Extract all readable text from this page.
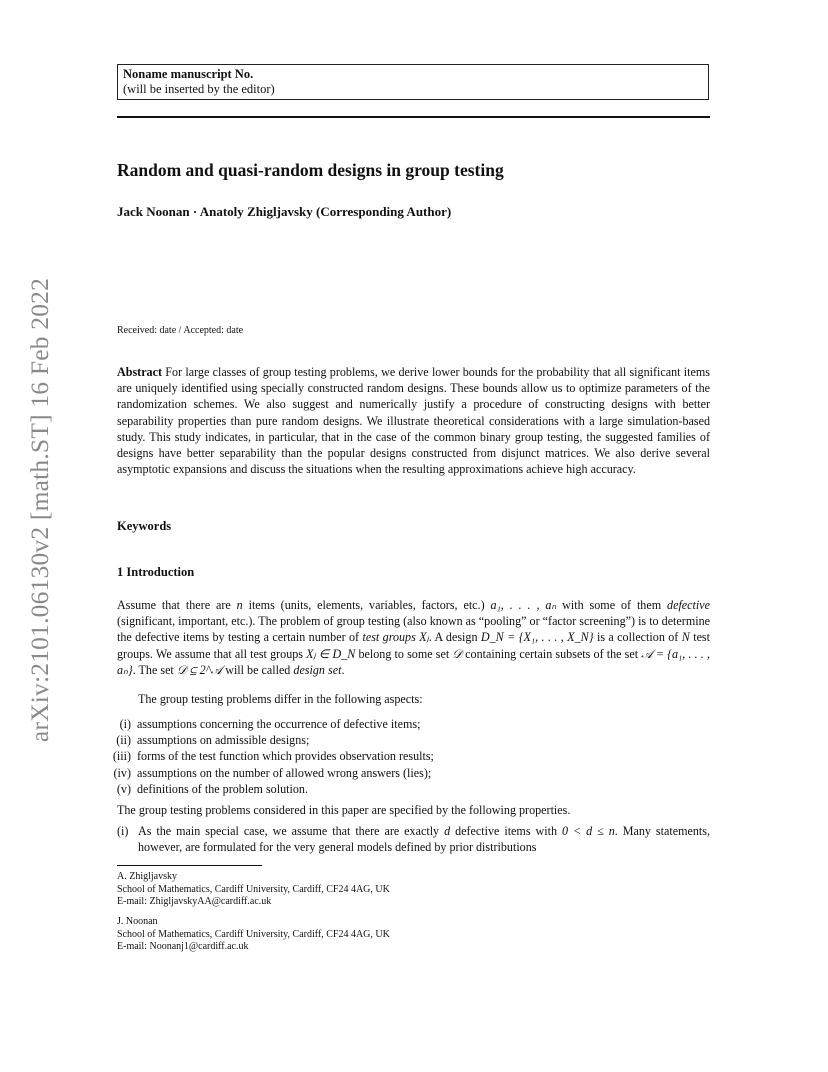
arXiv:2101.06130v2 [math.ST] 16 Feb 2022
Noname manuscript No.
(will be inserted by the editor)
Random and quasi-random designs in group testing
Jack Noonan · Anatoly Zhigljavsky (Corresponding Author)
Received: date / Accepted: date
Abstract For large classes of group testing problems, we derive lower bounds for the probability that all significant items are uniquely identified using specially constructed random designs. These bounds allow us to optimize parameters of the randomization schemes. We also suggest and numerically justify a procedure of constructing designs with better separability properties than pure random designs. We illustrate theoretical considerations with a large simulation-based study. This study indicates, in particular, that in the case of the common binary group testing, the suggested families of designs have better separability than the popular designs constructed from disjunct matrices. We also derive several asymptotic expansions and discuss the situations when the resulting approximations achieve high accuracy.
Keywords
1 Introduction
Assume that there are n items (units, elements, variables, factors, etc.) a₁, . . . , aₙ with some of them defective (significant, important, etc.). The problem of group testing (also known as “pooling” or “factor screening”) is to determine the defective items by testing a certain number of test groups Xⱼ. A design D_N = {X₁, . . . , X_N} is a collection of N test groups. We assume that all test groups Xⱼ ∈ D_N belong to some set 𝒟 containing certain subsets of the set 𝒜 = {a₁, . . . , aₙ}. The set 𝒟 ⊆ 2^𝒜 will be called design set.
The group testing problems differ in the following aspects:
(i) assumptions concerning the occurrence of defective items;
(ii) assumptions on admissible designs;
(iii) forms of the test function which provides observation results;
(iv) assumptions on the number of allowed wrong answers (lies);
(v) definitions of the problem solution.
The group testing problems considered in this paper are specified by the following properties.
(i) As the main special case, we assume that there are exactly d defective items with 0 < d ≤ n. Many statements, however, are formulated for the very general models defined by prior distributions
A. Zhigljavsky
School of Mathematics, Cardiff University, Cardiff, CF24 4AG, UK
E-mail: ZhigljavskyAA@cardiff.ac.uk
J. Noonan
School of Mathematics, Cardiff University, Cardiff, CF24 4AG, UK
E-mail: Noonanj1@cardiff.ac.uk
